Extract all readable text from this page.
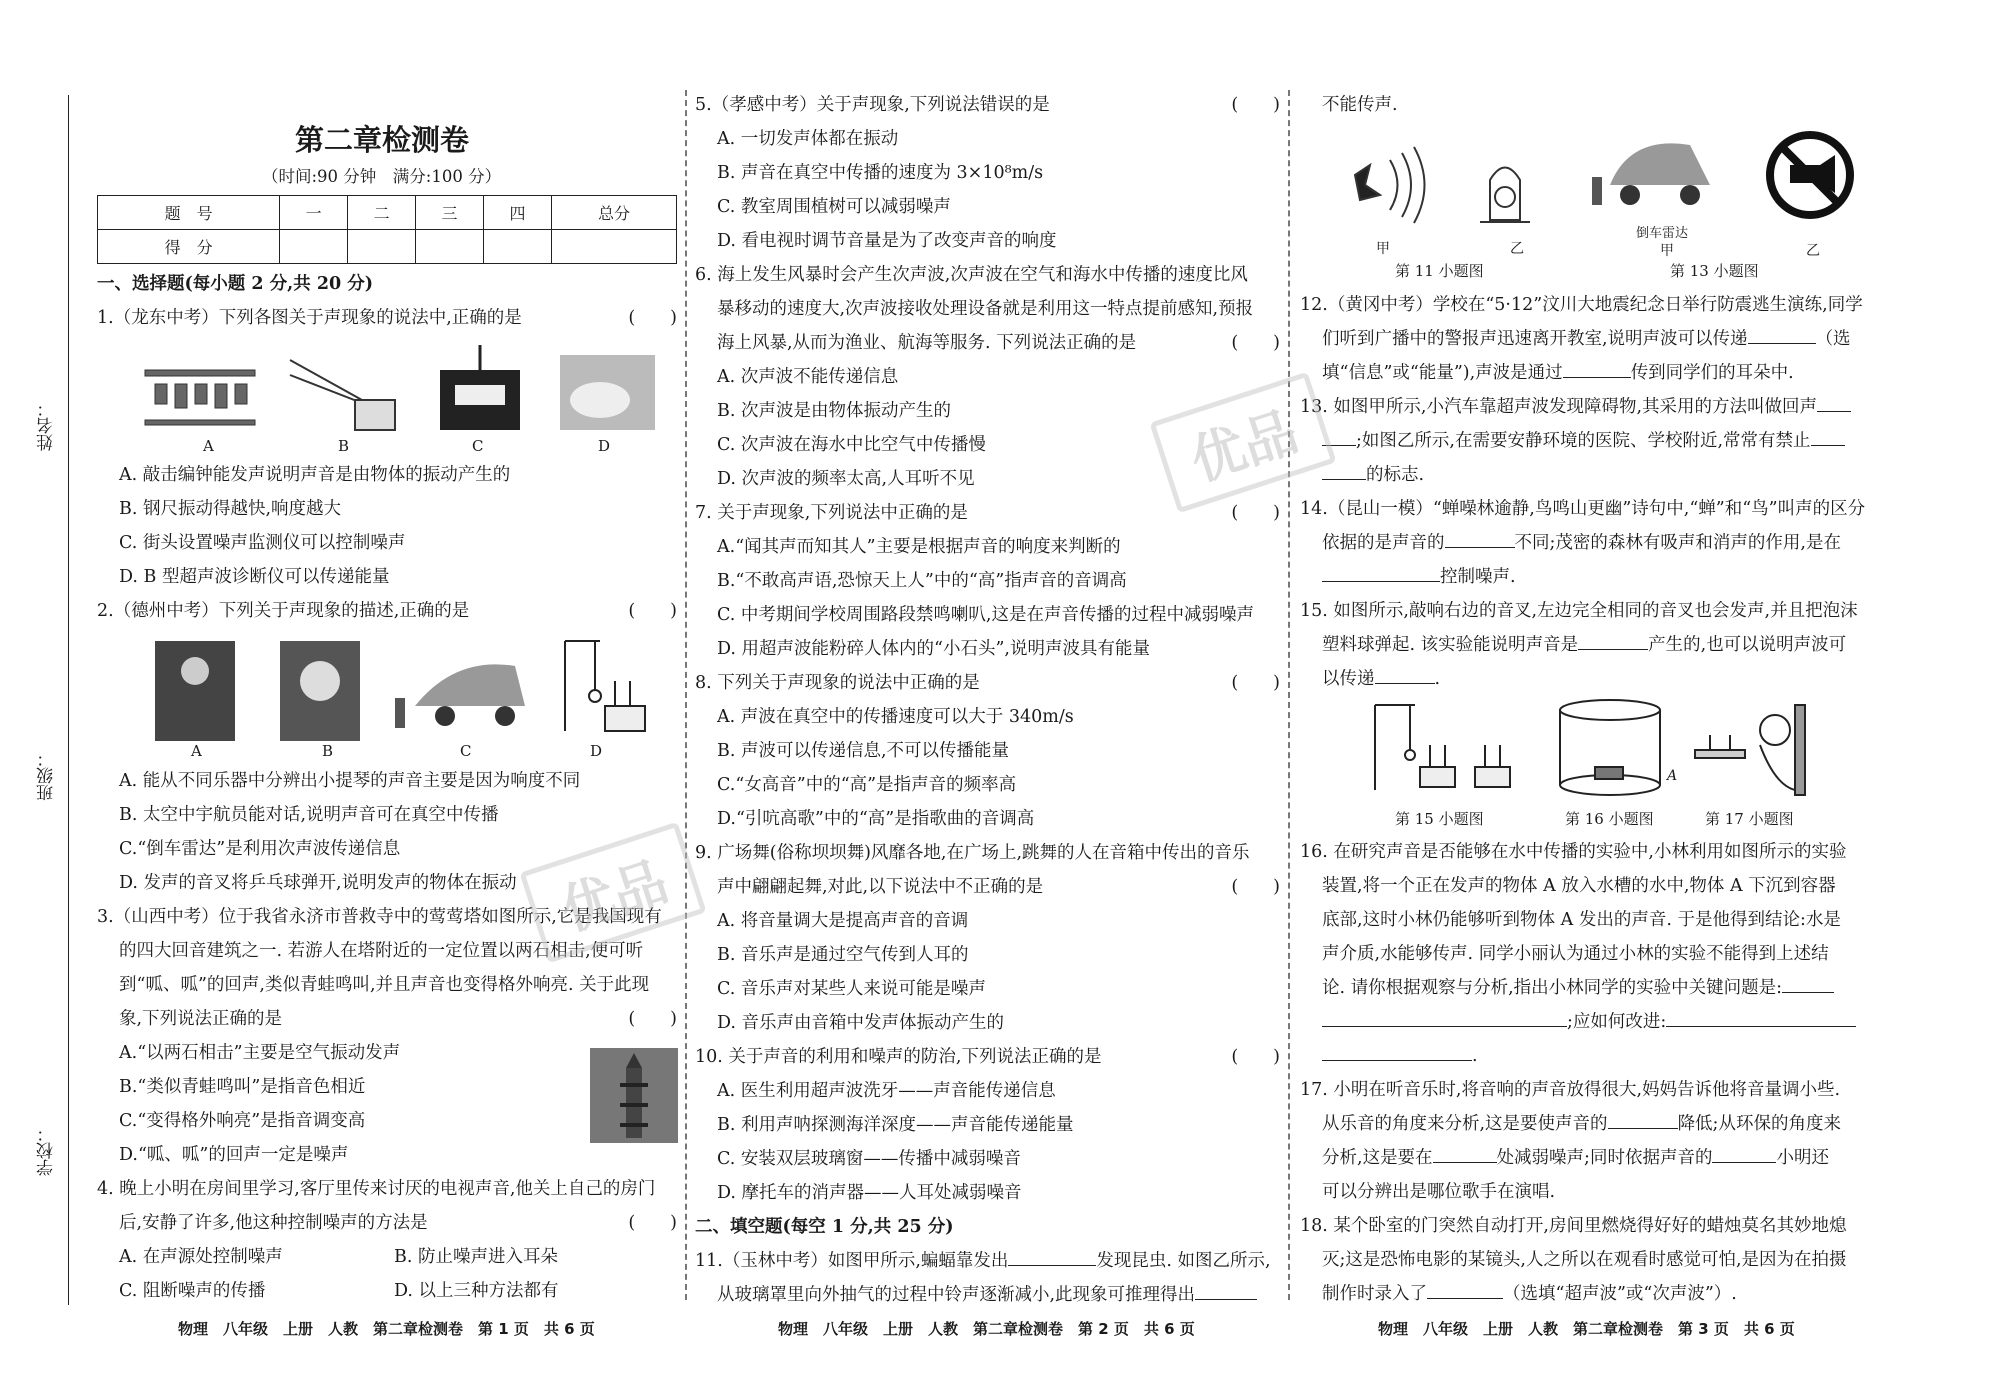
姓名：
班级：
学校：
第二章检测卷
（时间:90 分钟　满分:100 分）
题　号	一	二	三	四	总分
得　分					

一、选择题(每小题 2 分,共 20 分)

1.（龙东中考）下列各图关于声现象的说法中,正确的是	(　　)

A	B	C	D

A. 敲击编钟能发声说明声音是由物体的振动产生的

B. 钢尺振动得越快,响度越大

C. 街头设置噪声监测仪可以控制噪声

D. B 型超声波诊断仪可以传递能量

2.（德州中考）下列关于声现象的描述,正确的是	(　　)

A	B	C	D

A. 能从不同乐器中分辨出小提琴的声音主要是因为响度不同

B. 太空中宇航员能对话,说明声音可在真空中传播

C.“倒车雷达”是利用次声波传递信息

D. 发声的音叉将乒乓球弹开,说明发声的物体在振动

3.（山西中考）位于我省永济市普救寺中的莺莺塔如图所示,它是我国现有

的四大回音建筑之一. 若游人在塔附近的一定位置以两石相击,便可听

到“呱、呱”的回声,类似青蛙鸣叫,并且声音也变得格外响亮. 关于此现

象,下列说法正确的是	(　　)

A.“以两石相击”主要是空气振动发声

B.“类似青蛙鸣叫”是指音色相近

C.“变得格外响亮”是指音调变高

D.“呱、呱”的回声一定是噪声

4. 晚上小明在房间里学习,客厅里传来讨厌的电视声音,他关上自己的房门

后,安静了许多,他这种控制噪声的方法是	(　　)

A. 在声源处控制噪声	B. 防止噪声进入耳朵

C. 阻断噪声的传播	D. 以上三种方法都有

5.（孝感中考）关于声现象,下列说法错误的是	(　　)

A. 一切发声体都在振动

B. 声音在真空中传播的速度为 3×10⁸m/s

C. 教室周围植树可以减弱噪声

D. 看电视时调节音量是为了改变声音的响度

6. 海上发生风暴时会产生次声波,次声波在空气和海水中传播的速度比风

暴移动的速度大,次声波接收处理设备就是利用这一特点提前感知,预报

海上风暴,从而为渔业、航海等服务. 下列说法正确的是	(　　)

A. 次声波不能传递信息

B. 次声波是由物体振动产生的

C. 次声波在海水中比空气中传播慢

D. 次声波的频率太高,人耳听不见

7. 关于声现象,下列说法中正确的是	(　　)

A.“闻其声而知其人”主要是根据声音的响度来判断的

B.“不敢高声语,恐惊天上人”中的“高”指声音的音调高

C. 中考期间学校周围路段禁鸣喇叭,这是在声音传播的过程中减弱噪声

D. 用超声波能粉碎人体内的“小石头”,说明声波具有能量

8. 下列关于声现象的说法中正确的是	(　　)

A. 声波在真空中的传播速度可以大于 340m/s

B. 声波可以传递信息,不可以传播能量

C.“女高音”中的“高”是指声音的频率高

D.“引吭高歌”中的“高”是指歌曲的音调高

9. 广场舞(俗称坝坝舞)风靡各地,在广场上,跳舞的人在音箱中传出的音乐

声中翩翩起舞,对此,以下说法中不正确的是	(　　)

A. 将音量调大是提高声音的音调

B. 音乐声是通过空气传到人耳的

C. 音乐声对某些人来说可能是噪声

D. 音乐声由音箱中发声体振动产生的

10. 关于声音的利用和噪声的防治,下列说法正确的是	(　　)

A. 医生利用超声波洗牙——声音能传递信息

B. 利用声呐探测海洋深度——声音能传递能量

C. 安装双层玻璃窗——传播中减弱噪音

D. 摩托车的消声器——人耳处减弱噪音

二、填空题(每空 1 分,共 25 分)

11.（玉林中考）如图甲所示,蝙蝠靠发出	发现昆虫. 如图乙所示,

从玻璃罩里向外抽气的过程中铃声逐渐减小,此现象可推理得出

不能传声.

甲	乙
倒车雷达
甲	乙
第 11 小题图	第 13 小题图

12.（黄冈中考）学校在“5·12”汶川大地震纪念日举行防震逃生演练,同学

们听到广播中的警报声迅速离开教室,说明声波可以传递	（选

填“信息”或“能量”),声波是通过	传到同学们的耳朵中.

13. 如图甲所示,小汽车靠超声波发现障碍物,其采用的方法叫做回声

;如图乙所示,在需要安静环境的医院、学校附近,常常有禁止

的标志.

14.（昆山一模）“蝉噪林逾静,鸟鸣山更幽”诗句中,“蝉”和“鸟”叫声的区分

依据的是声音的	不同;茂密的森林有吸声和消声的作用,是在

控制噪声.

15. 如图所示,敲响右边的音叉,左边完全相同的音叉也会发声,并且把泡沫

塑料球弹起. 该实验能说明声音是	产生的,也可以说明声波可

以传递	.

A
第 15 小题图	第 16 小题图	第 17 小题图

16. 在研究声音是否能够在水中传播的实验中,小林利用如图所示的实验

装置,将一个正在发声的物体 A 放入水槽的水中,物体 A 下沉到容器

底部,这时小林仍能够听到物体 A 发出的声音. 于是他得到结论:水是

声介质,水能够传声. 同学小丽认为通过小林的实验不能得到上述结

论. 请你根据观察与分析,指出小林同学的实验中关键问题是:

;应如何改进:

.

17. 小明在听音乐时,将音响的声音放得很大,妈妈告诉他将音量调小些.

从乐音的角度来分析,这是要使声音的	降低;从环保的角度来

分析,这是要在	处减弱噪声;同时依据声音的	小明还

可以分辨出是哪位歌手在演唱.

18. 某个卧室的门突然自动打开,房间里燃烧得好好的蜡烛莫名其妙地熄

灭;这是恐怖电影的某镜头,人之所以在观看时感觉可怕,是因为在拍摄

制作时录入了	（选填“超声波”或“次声波”）.

优品
优品
物理　八年级　上册　人教　第二章检测卷　第 1 页　共 6 页	物理　八年级　上册　人教　第二章检测卷　第 2 页　共 6 页	物理　八年级　上册　人教　第二章检测卷　第 3 页　共 6 页
